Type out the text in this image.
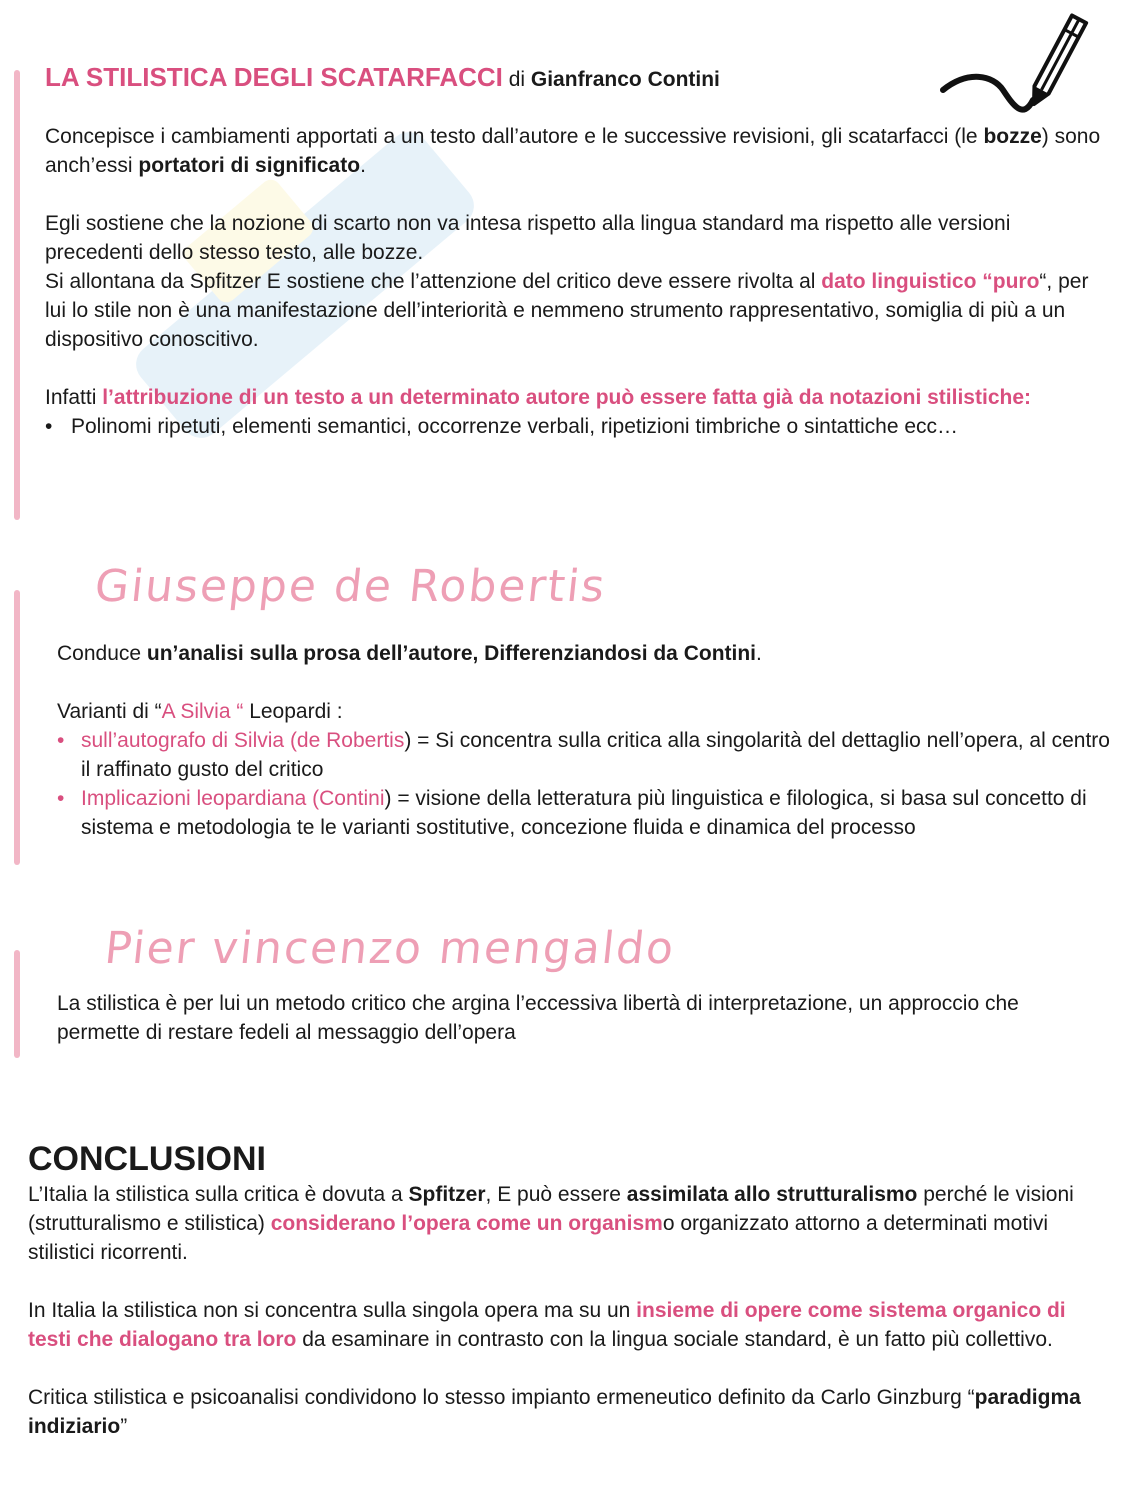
LA STILISTICA DEGLI SCATARFACCI di Gianfranco Contini

Concepisce i cambiamenti apportati a un testo dall’autore e le successive revisioni, gli scatarfacci (le bozze) sono anch’essi portatori di significato.

Egli sostiene che la nozione di scarto non va intesa rispetto alla lingua standard ma rispetto alle versioni precedenti dello stesso testo, alle bozze.

Si allontana da Spfitzer E sostiene che l’attenzione del critico deve essere rivolta al dato linguistico “puro“, per lui lo stile non è una manifestazione dell’interiorità e nemmeno strumento rappresentativo, somiglia di più a un dispositivo conoscitivo.

Infatti l’attribuzione di un testo a un determinato autore può essere fatta già da notazioni stilistiche:

• Polinomi ripetuti, elementi semantici, occorrenze verbali, ripetizioni timbriche o sintattiche ecc…
Giuseppe de Robertis

Conduce un’analisi sulla prosa dell’autore, Differenziandosi da Contini.

Varianti di “A Silvia “ Leopardi :

• sull’autografo di Silvia (de Robertis) = Si concentra sulla critica alla singolarità del dettaglio nell’opera, al centro il raffinato gusto del critico
• Implicazioni leopardiana (Contini) = visione della letteratura più linguistica e filologica, si basa sul concetto di sistema e metodologia te le varianti sostitutive, concezione fluida e dinamica del processo
Pier vincenzo mengaldo

La stilistica è per lui un metodo critico che argina l’eccessiva libertà di interpretazione, un approccio che permette di restare fedeli al messaggio dell’opera

CONCLUSIONI

L’Italia la stilistica sulla critica è dovuta a Spfitzer, E può essere assimilata allo strutturalismo perché le visioni (strutturalismo e stilistica) considerano l’opera come un organismo organizzato attorno a determinati motivi stilistici ricorrenti.

In Italia la stilistica non si concentra sulla singola opera ma su un insieme di opere come sistema organico di testi che dialogano tra loro da esaminare in contrasto con la lingua sociale standard, è un fatto più collettivo.

Critica stilistica e psicoanalisi condividono lo stesso impianto ermeneutico definito da Carlo Ginzburg “paradigma indiziario”
